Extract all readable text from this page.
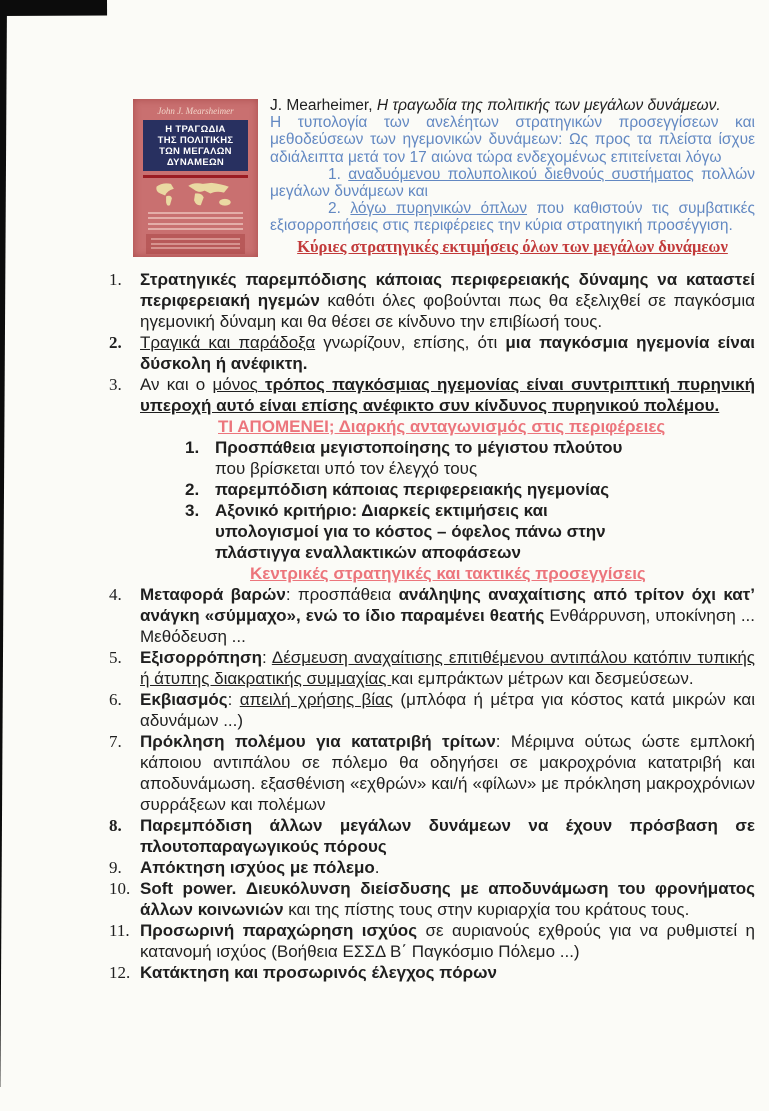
John J. Mearsheimer
Η ΤΡΑΓΩΔΙΑ
ΤΗΣ ΠΟΛΙΤΙΚΗΣ
ΤΩΝ ΜΕΓΑΛΩΝ
ΔΥΝΑΜΕΩΝ
J. Mearheimer, Η τραγωδία της πολιτικής των μεγάλων δυνάμεων.
Η τυπολογία των ανελέητων στρατηγικών προσεγγίσεων και μεθοδεύσεων των ηγεμονικών δυνάμεων: Ως προς τα πλείστα ίσχυε αδιάλειπτα μετά τον 17 αιώνα τώρα ενδεχομένως επιτείνεται λόγω

1. αναδυόμενου πολυπολικού διεθνούς συστήματος πολλών μεγάλων δυνάμεων και

2. λόγω πυρηνικών όπλων που καθιστούν τις συμβατικές εξισορροπήσεις στις περιφέρειες την κύρια στρατηγική προσέγγιση.

Κύριες στρατηγικές εκτιμήσεις όλων των μεγάλων δυνάμεων
1.	Στρατηγικές παρεμπόδισης κάποιας περιφερειακής δύναμης να καταστεί περιφερειακή ηγεμών καθότι όλες φοβούνται πως θα εξελιχθεί σε παγκόσμια ηγεμονική δύναμη και θα θέσει σε κίνδυνο την επιβίωσή τους.
2.	Τραγικά και παράδοξα γνωρίζουν, επίσης, ότι μια παγκόσμια ηγεμονία είναι δύσκολη ή ανέφικτη.
3.	Αν και ο μόνος τρόπος παγκόσμιας ηγεμονίας είναι συντριπτική πυρηνική υπεροχή αυτό είναι επίσης ανέφικτο συν κίνδυνος πυρηνικού πολέμου.
ΤΙ ΑΠΟΜΕΝΕΙ; Διαρκής ανταγωνισμός στις περιφέρειες
1. Προσπάθεια μεγιστοποίησης το μέγιστου πλούτου που βρίσκεται υπό τον έλεγχό τους
2. παρεμπόδιση κάποιας περιφερειακής ηγεμονίας
3. Αξονικό κριτήριο: Διαρκείς εκτιμήσεις και υπολογισμοί για το κόστος – όφελος πάνω στην πλάστιγγα εναλλακτικών αποφάσεων
Κεντρικές στρατηγικές και τακτικές προσεγγίσεις
4.	Μεταφορά βαρών: προσπάθεια ανάληψης αναχαίτισης από τρίτον όχι κατ’ ανάγκη «σύμμαχο», ενώ το ίδιο παραμένει θεατής Ενθάρρυνση, υποκίνηση ... Μεθόδευση ...
5.	Εξισορρόπηση: Δέσμευση αναχαίτισης επιτιθέμενου αντιπάλου κατόπιν τυπικής ή άτυπης διακρατικής συμμαχίας και εμπράκτων μέτρων και δεσμεύσεων.
6.	Εκβιασμός: απειλή χρήσης βίας (μπλόφα ή μέτρα για κόστος κατά μικρών και αδυνάμων ...)
7.	Πρόκληση πολέμου για κατατριβή τρίτων: Μέριμνα ούτως ώστε εμπλοκή κάποιου αντιπάλου σε πόλεμο θα οδηγήσει σε μακροχρόνια κατατριβή και αποδυνάμωση. εξασθένιση «εχθρών» και/ή «φίλων» με πρόκληση μακροχρόνιων συρράξεων και πολέμων
8.	Παρεμπόδιση άλλων μεγάλων δυνάμεων να έχουν πρόσβαση σε πλουτοπαραγωγικούς πόρους
9.	Απόκτηση ισχύος με πόλεμο.
10. Soft power. Διευκόλυνση διείσδυσης με αποδυνάμωση του φρονήματος άλλων κοινωνιών και της πίστης τους στην κυριαρχία του κράτους τους.
11. Προσωρινή παραχώρηση ισχύος σε αυριανούς εχθρούς για να ρυθμιστεί η κατανομή ισχύος (Βοήθεια ΕΣΣΔ Β΄ Παγκόσμιο Πόλεμο ...)
12. Κατάκτηση και προσωρινός έλεγχος πόρων
